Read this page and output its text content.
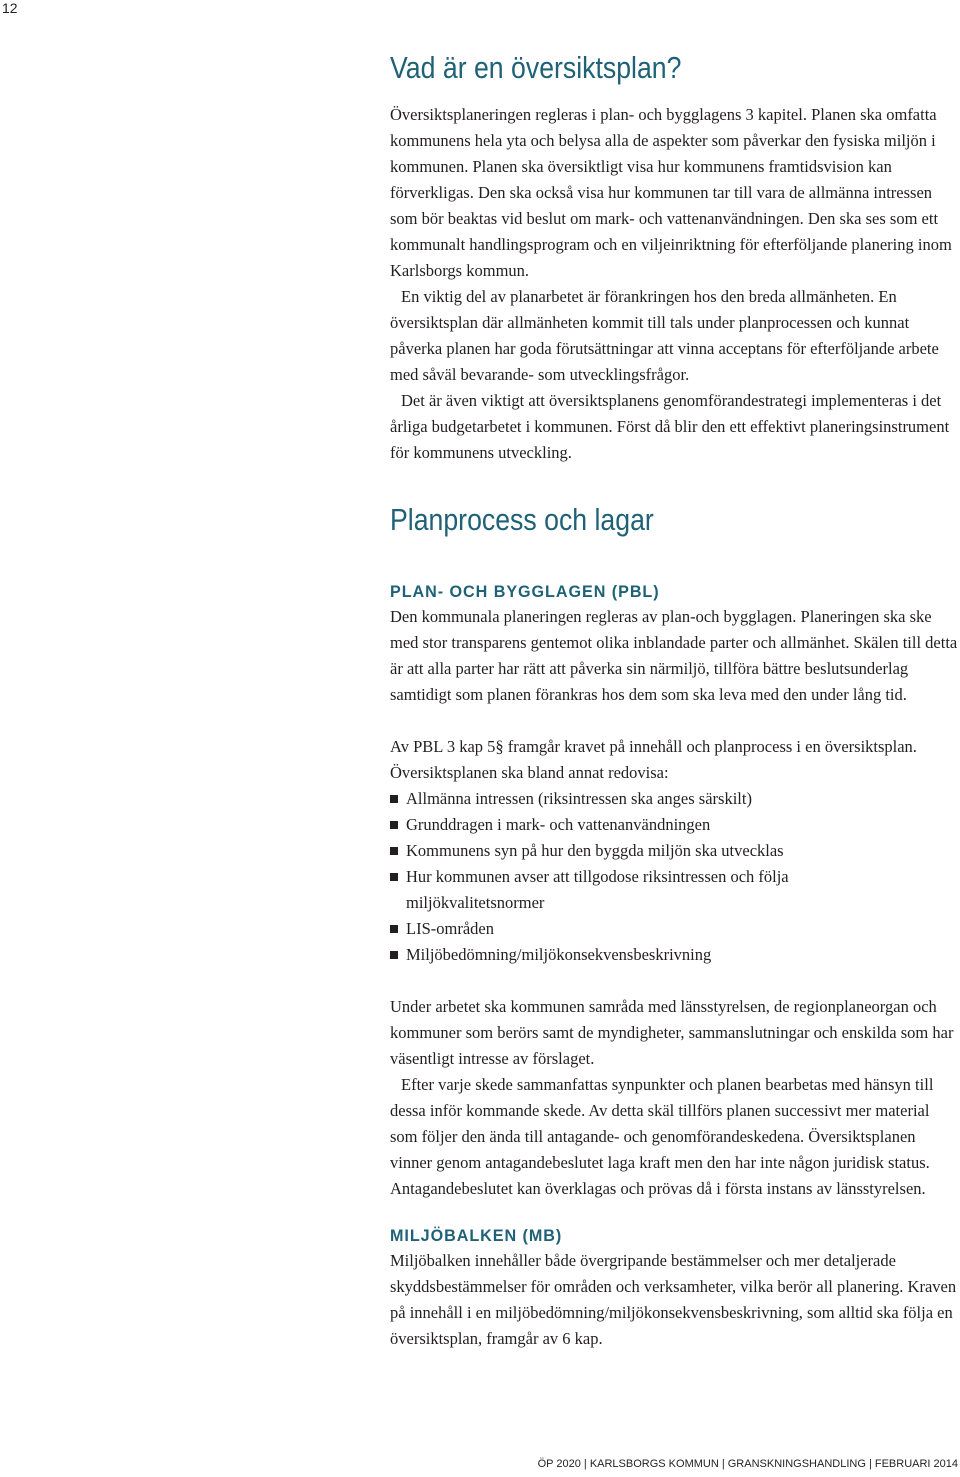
12
Vad är en översiktsplan?

Översiktsplaneringen regleras i plan- och bygglagens 3 kapitel. Planen ska omfatta kommunens hela yta och belysa alla de aspekter som påverkar den fysiska miljön i kommunen. Planen ska översiktligt visa hur kommunens framtidsvision kan förverkligas. Den ska också visa hur kommunen tar till vara de allmänna intressen som bör beaktas vid beslut om mark- och vattenanvändningen. Den ska ses som ett kommunalt handlingsprogram och en viljeinriktning för efterföljande planering inom Karlsborgs kommun.

En viktig del av planarbetet är förankringen hos den breda allmänheten. En översiktsplan där allmänheten kommit till tals under planprocessen och kunnat påverka planen har goda förutsättningar att vinna acceptans för efterföljande arbete med såväl bevarande- som utvecklingsfrågor.

Det är även viktigt att översiktsplanens genomförandestrategi implementeras i det årliga budgetarbetet i kommunen. Först då blir den ett effektivt planeringsinstrument för kommunens utveckling.

Planprocess och lagar
PLAN- OCH BYGGLAGEN (PBL)

Den kommunala planeringen regleras av plan-och bygglagen. Planeringen ska ske med stor transparens gentemot olika inblandade parter och allmänhet. Skälen till detta är att alla parter har rätt att påverka sin närmiljö, tillföra bättre beslutsunderlag samtidigt som planen förankras hos dem som ska leva med den under lång tid.

Av PBL 3 kap 5§ framgår kravet på innehåll och planprocess i en översiktsplan. Översiktsplanen ska bland annat redovisa:

Allmänna intressen (riksintressen ska anges särskilt)
Grunddragen i mark- och vattenanvändningen
Kommunens syn på hur den byggda miljön ska utvecklas
Hur kommunen avser att tillgodose riksintressen och följa miljökvalitetsnormer
LIS-områden
Miljöbedömning/miljökonsekvensbeskrivning

Under arbetet ska kommunen samråda med länsstyrelsen, de regionplaneorgan och kommuner som berörs samt de myndigheter, sammanslutningar och enskilda som har väsentligt intresse av förslaget.

Efter varje skede sammanfattas synpunkter och planen bearbetas med hänsyn till dessa inför kommande skede. Av detta skäl tillförs planen successivt mer material som följer den ända till antagande- och genomförandeskedena. Översiktsplanen vinner genom antagandebeslutet laga kraft men den har inte någon juridisk status. Antagandebeslutet kan överklagas och prövas då i första instans av länsstyrelsen.

MILJÖBALKEN (MB)

Miljöbalken innehåller både övergripande bestämmelser och mer detaljerade skyddsbestämmelser för områden och verksamheter, vilka berör all planering. Kraven på innehåll i en miljöbedömning/miljökonsekvensbeskrivning, som alltid ska följa en översiktsplan, framgår av 6 kap.

ÖP 2020 | KARLSBORGS KOMMUN | GRANSKNINGSHANDLING | FEBRUARI 2014
